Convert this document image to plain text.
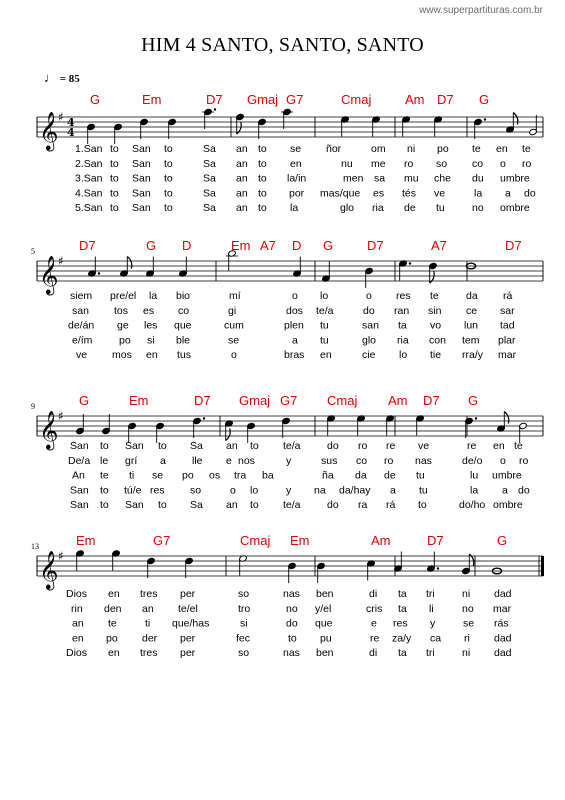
www.superpartituras.com.br
HIM 4 SANTO, SANTO, SANTO
♩ = 85
𝄞 ♯ 4
4
G	Em	D7 Gmaj G7	Cmaj	Am D7 G
1.San to San to	Sa an to se ñor	om ni po te en te
2.San to San to	Sa an to en	nu me ro so co o ro
3.San to San to	Sa an to la/in	men sa mu che du umbre
4.San to San to	Sa an to por mas/que es tés ve	la a do
5.San to San to	Sa an to la	glo ria de tu	no ombre
𝄞 ♯
5	D7	G D	Em A7 D G	D7	A7	D7
siem pre/el la bio	mí	o lo	o res te	da rá
san tos es co	gi	dos te/a	do ran sin ce sar
de/án ge les que	cum	plen tu	san ta vo lun tad
e/ím	po si ble	se	a tu	glo ria con tem plar
ve mos en tus	o	bras en	cie lo tie rra/y mar
𝄞 ♯
9	G	Em	D7 Gmaj G7 Cmaj Am D7 G
San to San to Sa an to te/a	do ro re ve	re en te
De/a le grí a lle e nos	y	sus co ro nas	de/o o ro
An te ti se po os tra ba	ña da de tu	lu umbre
San to tú/e res so	o lo	y na da/hay a tu	la a do
San to San to Sa an to te/a	do ra rá to	do/ho ombre
𝄞 ♯
13	Em	G7	Cmaj Em	Am	D7	G
Dios en tres per	so	nas ben	di ta tri	ni dad
rin den an te/el	tro	no y/el	cris ta li	no mar
an te	ti que/has	si	do que	e res y	se rás
en po der per	fec	to pu	re za/y ca ri dad
Dios en tres per	so	nas ben	di ta tri	ni dad
